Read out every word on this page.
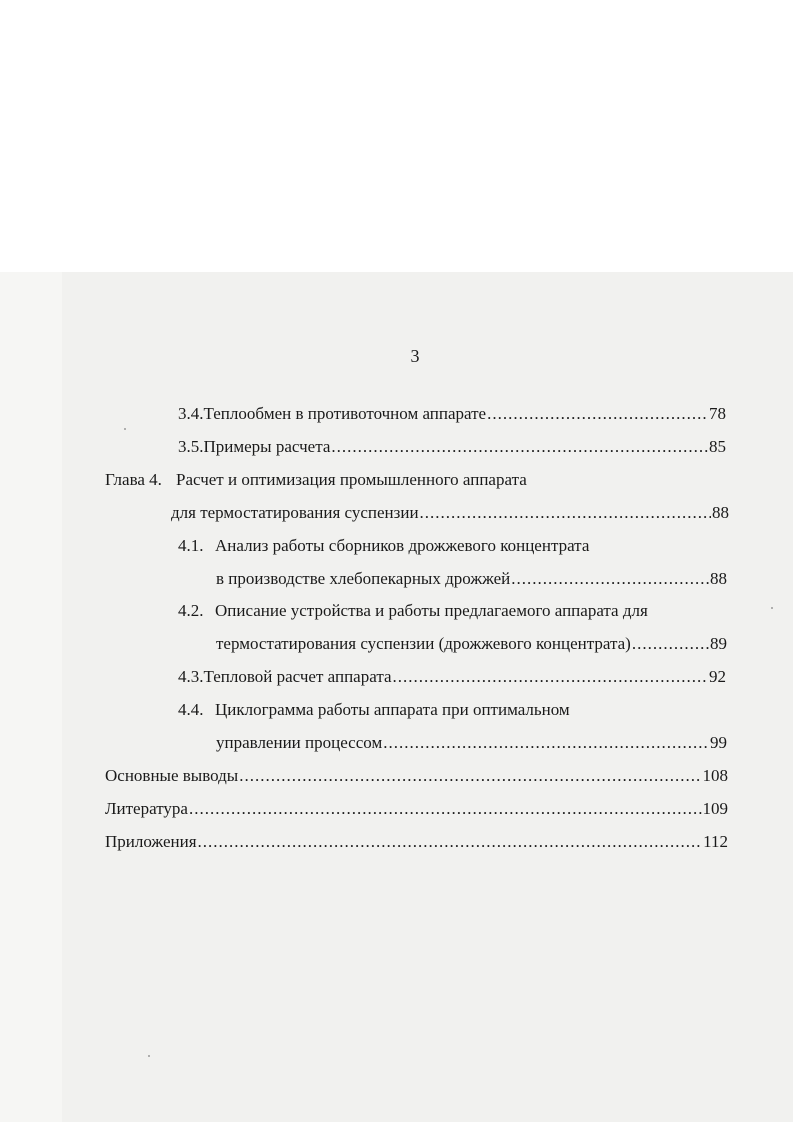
3
3.4. Теплообмен в противоточном аппарате .....	78
3.5. Примеры расчета .....	85
Глава 4. Расчет и оптимизация промышленного аппарата
для термостатирования суспензии .....	88
4.1. Анализ работы сборников дрожжевого концентрата
в производстве хлебопекарных дрожжей .....	88
4.2. Описание устройства и работы предлагаемого аппарата для
термостатирования суспензии (дрожжевого концентрата) .....	89
4.3. Тепловой расчет аппарата .....	92
4.4. Циклограмма работы аппарата при оптимальном
управлении процессом .....	99
Основные выводы .....	108
Литература .....	109
Приложения .....	112
